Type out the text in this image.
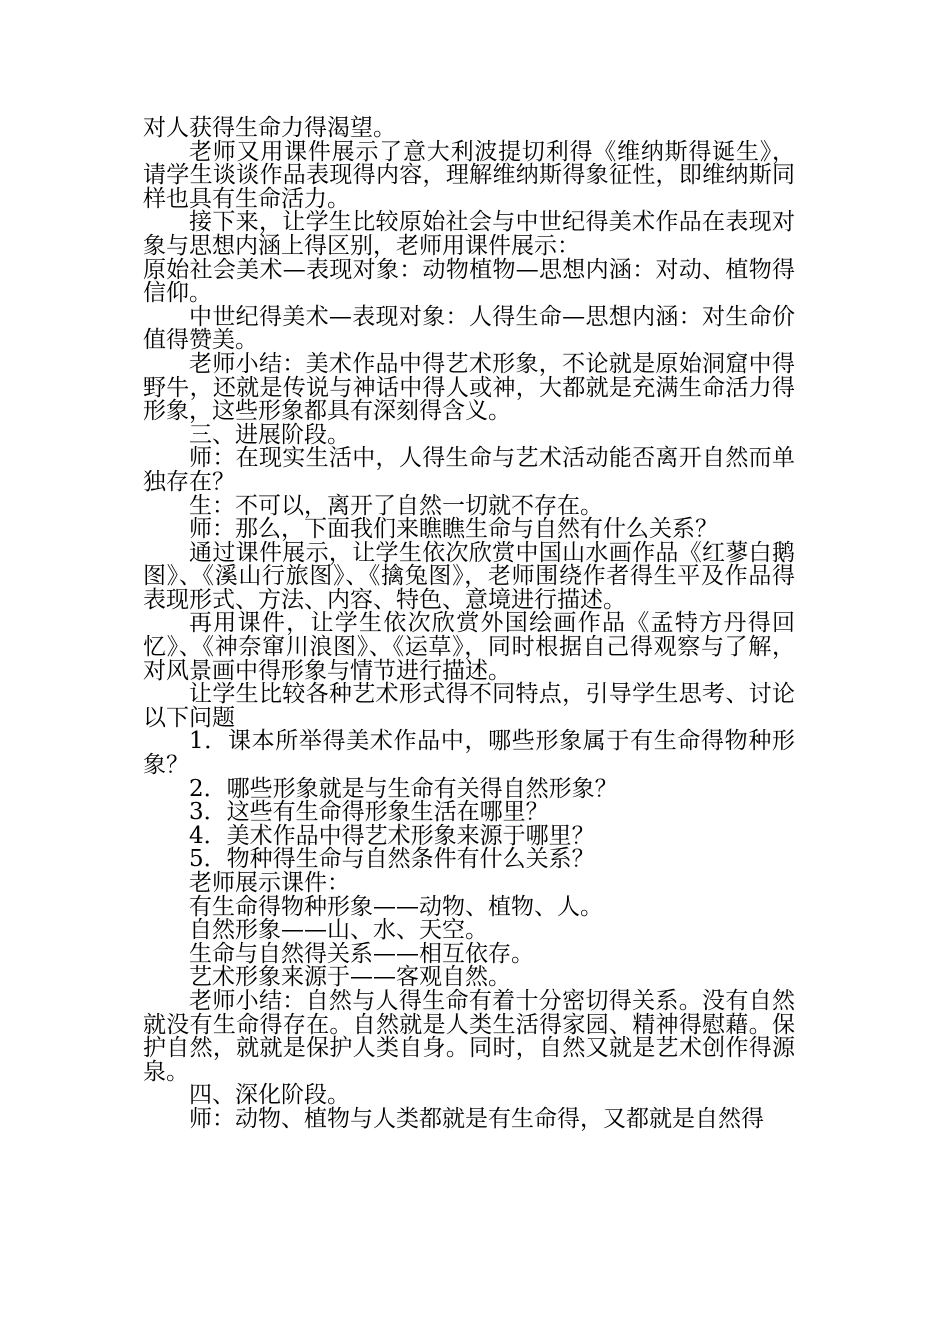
对人获得生命力得渴望。

老师又用课件展示了意大利波提切利得《维纳斯得诞生》，请学生谈谈作品表现得内容，理解维纳斯得象征性，即维纳斯同样也具有生命活力。

接下来，让学生比较原始社会与中世纪得美术作品在表现对象与思想内涵上得区别，老师用课件展示：

原始社会美术—表现对象：动物植物—思想内涵：对动、植物得信仰。

中世纪得美术—表现对象：人得生命—思想内涵：对生命价值得赞美。

老师小结：美术作品中得艺术形象，不论就是原始洞窟中得野牛，还就是传说与神话中得人或神，大都就是充满生命活力得形象，这些形象都具有深刻得含义。

三、进展阶段。

师：在现实生活中，人得生命与艺术活动能否离开自然而单独存在？

生：不可以，离开了自然一切就不存在。

师：那么，下面我们来瞧瞧生命与自然有什么关系？

通过课件展示，让学生依次欣赏中国山水画作品《红蓼白鹅图》、《溪山行旅图》、《擒兔图》，老师围绕作者得生平及作品得表现形式、方法、内容、特色、意境进行描述。

再用课件，让学生依次欣赏外国绘画作品《孟特方丹得回忆》、《神奈窜川浪图》、《运草》，同时根据自己得观察与了解，对风景画中得形象与情节进行描述。

让学生比较各种艺术形式得不同特点，引导学生思考、讨论以下问题

1．课本所举得美术作品中，哪些形象属于有生命得物种形象？

2．哪些形象就是与生命有关得自然形象？

3．这些有生命得形象生活在哪里？

4．美术作品中得艺术形象来源于哪里？

5．物种得生命与自然条件有什么关系？

老师展示课件：

有生命得物种形象——动物、植物、人。

自然形象——山、水、天空。

生命与自然得关系——相互依存。

艺术形象来源于——客观自然。

老师小结：自然与人得生命有着十分密切得关系。没有自然就没有生命得存在。自然就是人类生活得家园、精神得慰藉。保护自然，就就是保护人类自身。同时，自然又就是艺术创作得源泉。

四、深化阶段。

师：动物、植物与人类都就是有生命得，又都就是自然得
